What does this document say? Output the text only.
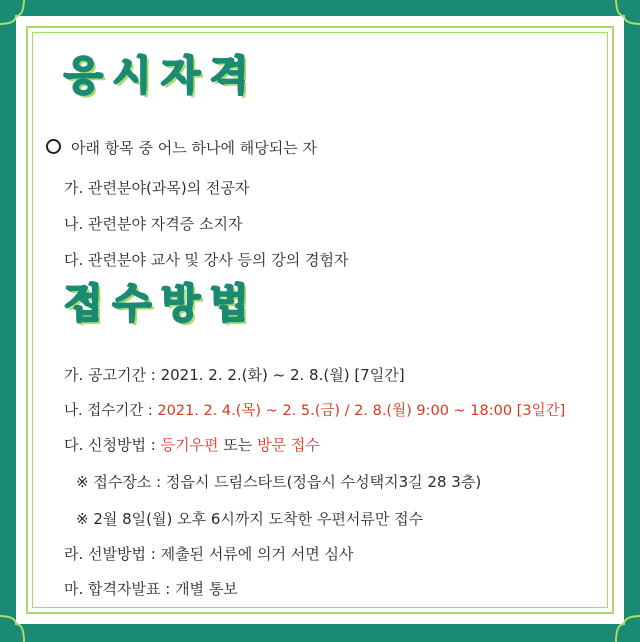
응시자격
아래 항목 중 어느 하나에 해당되는 자
가. 관련분야(과목)의 전공자
나. 관련분야 자격증 소지자
다. 관련분야 교사 및 강사 등의 강의 경험자
접수방법
가. 공고기간 : 2021. 2. 2.(화) ~ 2. 8.(월) [7일간]
나. 접수기간 : 2021. 2. 4.(목) ~ 2. 5.(금) / 2. 8.(월) 9:00 ~ 18:00 [3일간]
다. 신청방법 : 등기우편 또는 방문 접수
※ 접수장소 : 정읍시 드림스타트(정읍시 수성택지3길 28 3층)
※ 2월 8일(월) 오후 6시까지 도착한 우편서류만 접수
라. 선발방법 : 제출된 서류에 의거 서면 심사
마. 합격자발표 : 개별 통보
